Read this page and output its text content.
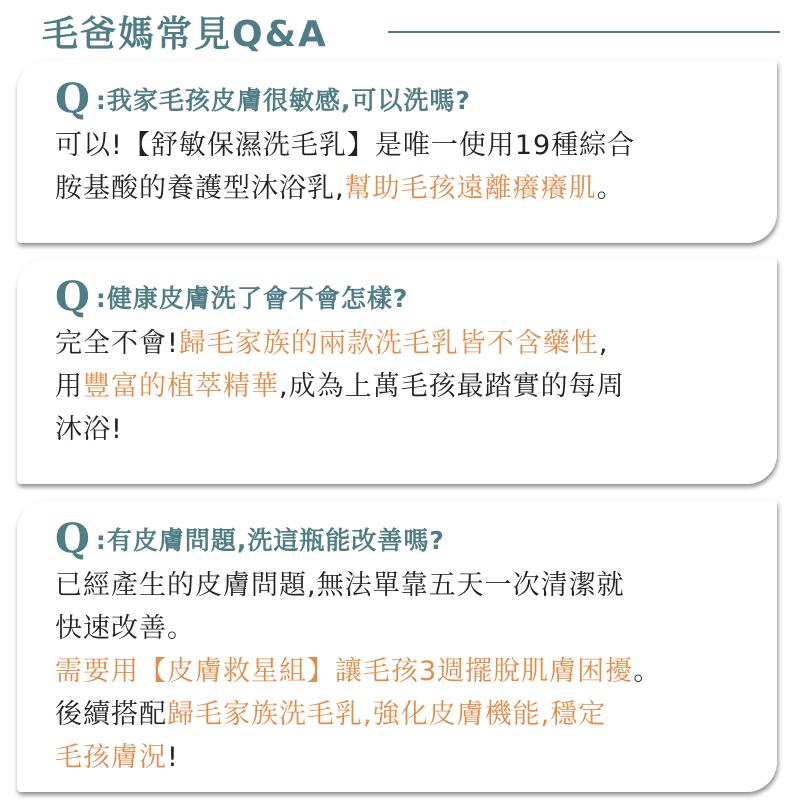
毛爸媽常見Q&A
Q :我家毛孩皮膚很敏感,可以洗嗎?
可以!【舒敏保濕洗毛乳】是唯一使用19種綜合
胺基酸的養護型沐浴乳,幫助毛孩遠離癢癢肌。
Q :健康皮膚洗了會不會怎樣?
完全不會!歸毛家族的兩款洗毛乳皆不含藥性,
用豐富的植萃精華,成為上萬毛孩最踏實的每周
沐浴!
Q :有皮膚問題,洗這瓶能改善嗎?
已經產生的皮膚問題,無法單靠五天一次清潔就
快速改善。
需要用【皮膚救星組】讓毛孩3週擺脫肌膚困擾。
後續搭配歸毛家族洗毛乳,強化皮膚機能,穩定
毛孩膚況!
